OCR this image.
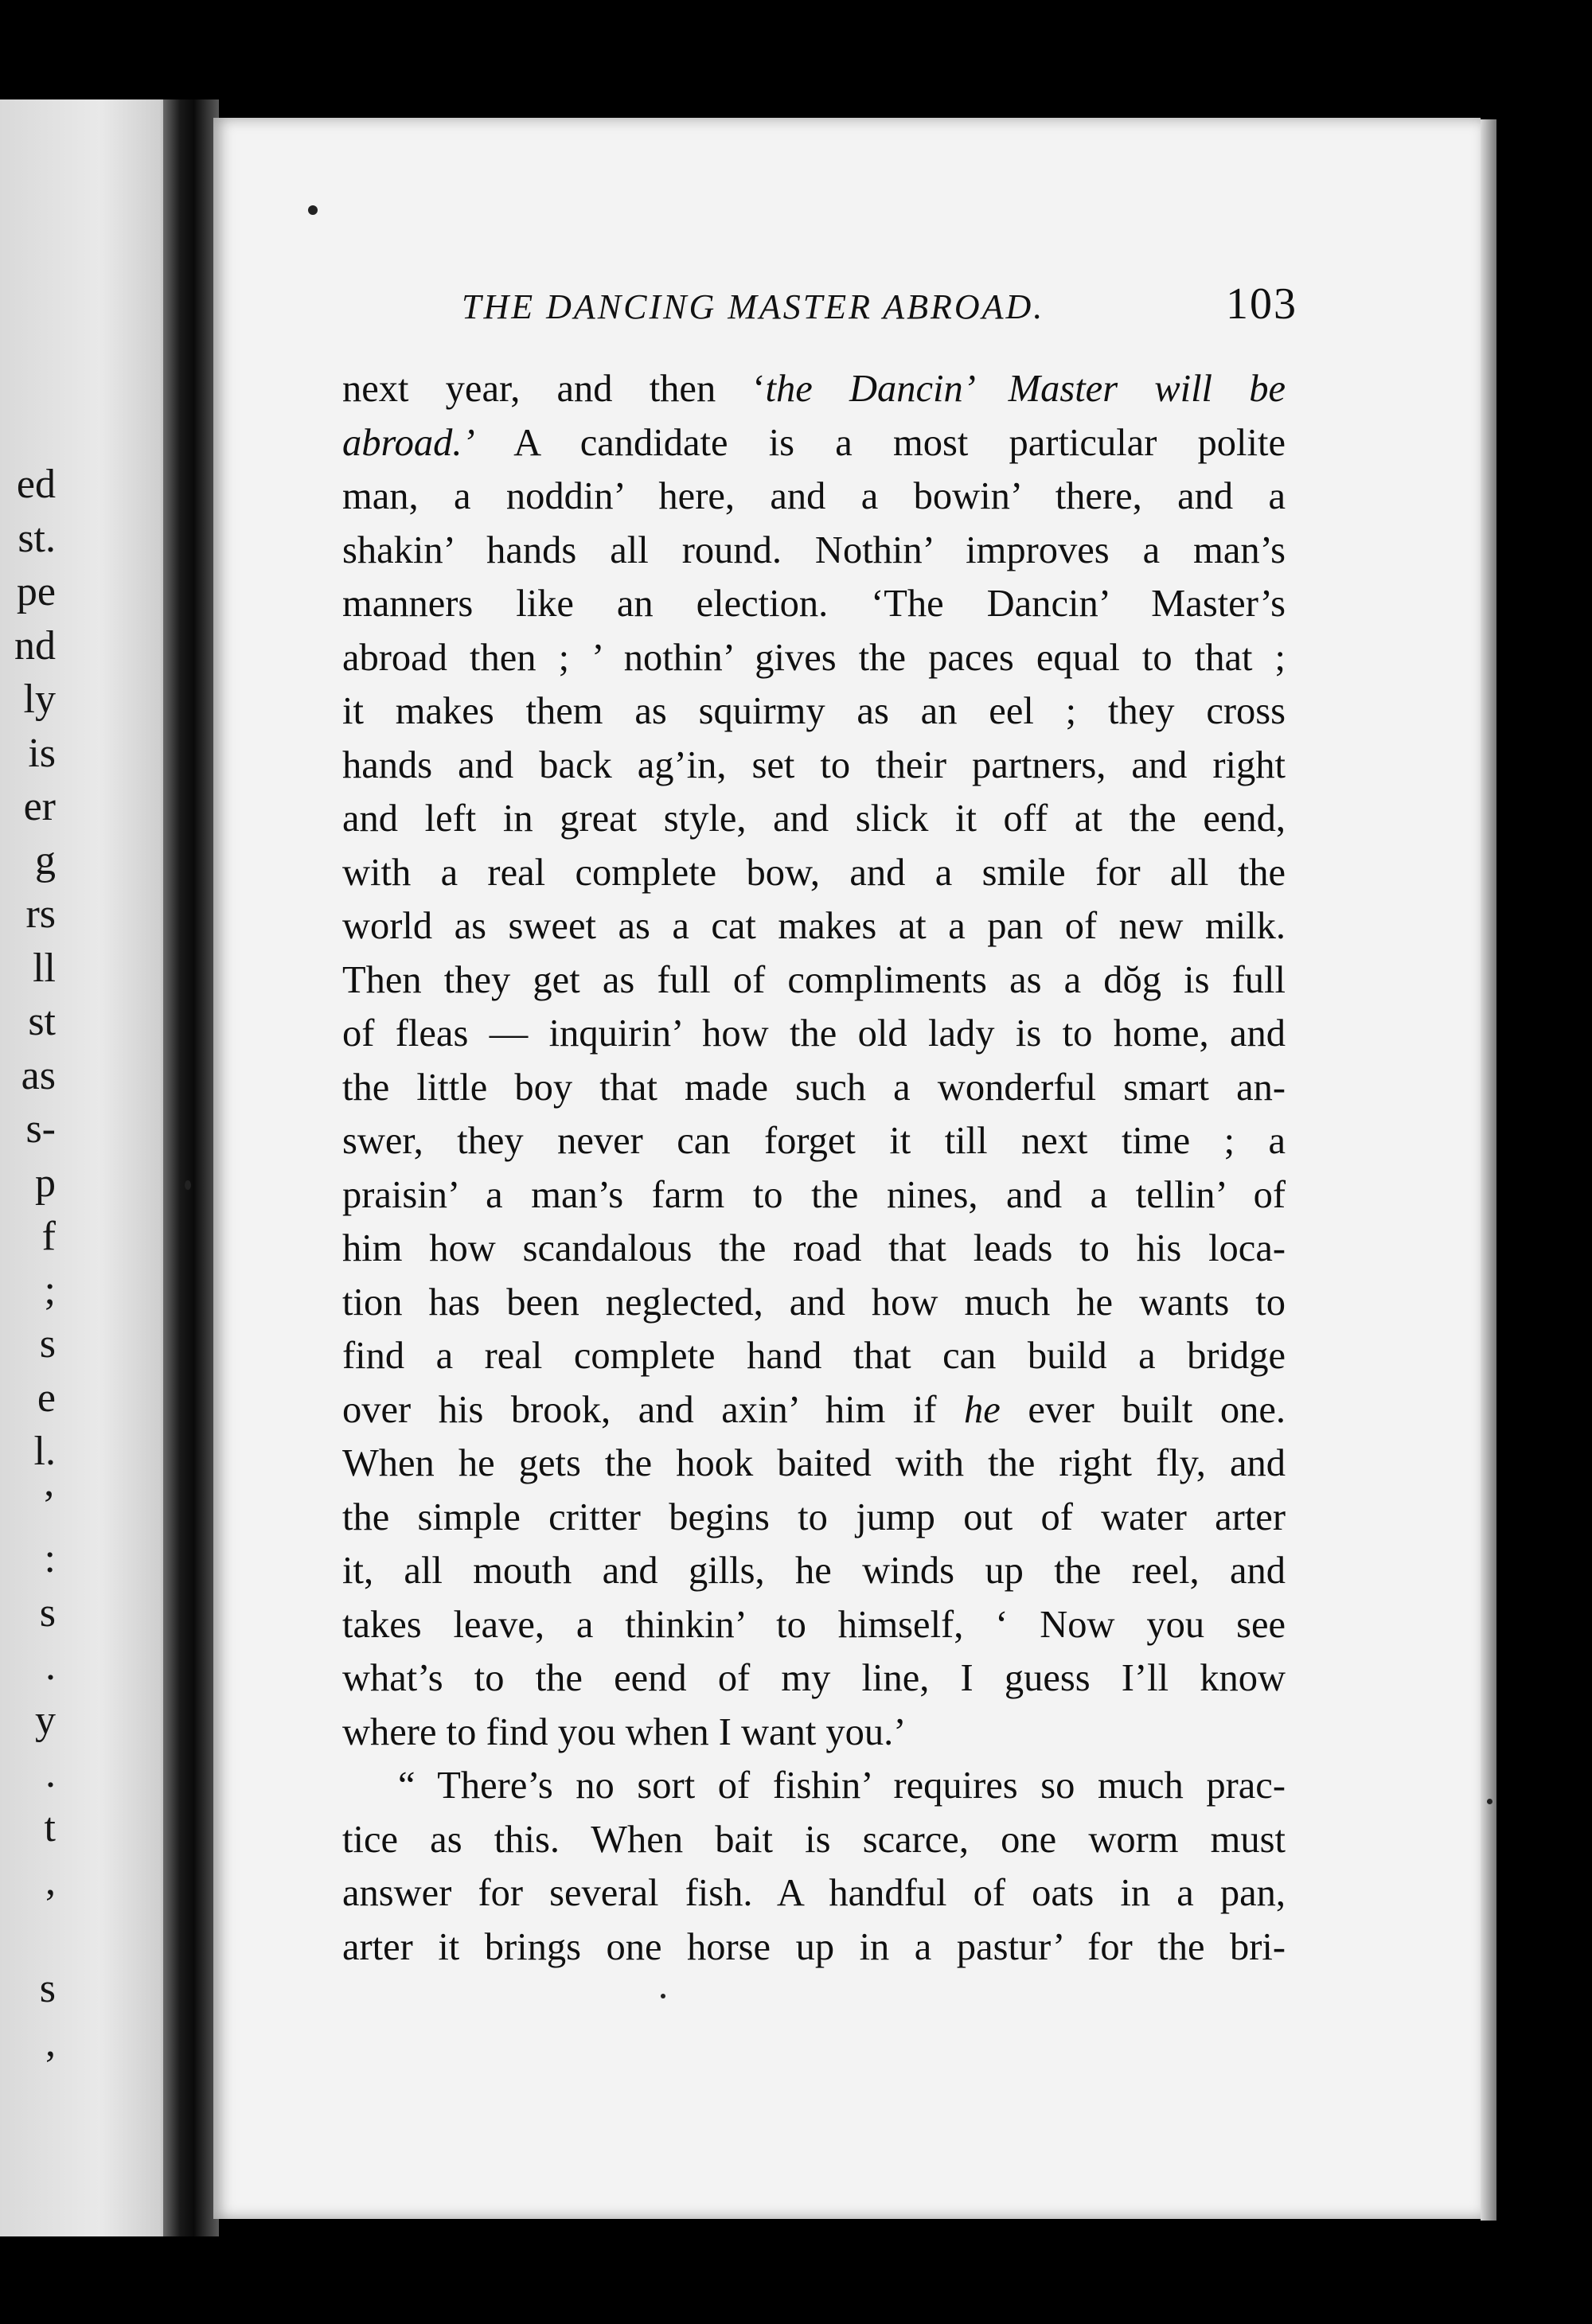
ed
st.
pe
nd
ly
is
er
g
rs
ll
st
as
s-
p
f
;
s
e
l.
’
:
s
.
y
.
t
,
s
,
THE DANCING MASTER ABROAD.	103
next year, and then ‘the Dancin’ Master will be
abroad.’ A candidate is a most particular polite
man, a noddin’ here, and a bowin’ there, and a
shakin’ hands all round. Nothin’ improves a man’s
manners like an election. ‘The Dancin’ Master’s
abroad then ; ’ nothin’ gives the paces equal to that ;
it makes them as squirmy as an eel ; they cross
hands and back ag’in, set to their partners, and right
and left in great style, and slick it off at the eend,
with a real complete bow, and a smile for all the
world as sweet as a cat makes at a pan of new milk.
Then they get as full of compliments as a dŏg is full
of fleas — inquirin’ how the old lady is to home, and
the little boy that made such a wonderful smart an-
swer, they never can forget it till next time ; a
praisin’ a man’s farm to the nines, and a tellin’ of
him how scandalous the road that leads to his loca-
tion has been neglected, and how much he wants to
find a real complete hand that can build a bridge
over his brook, and axin’ him if he ever built one.
When he gets the hook baited with the right fly, and
the simple critter begins to jump out of water arter
it, all mouth and gills, he winds up the reel, and
takes leave, a thinkin’ to himself, ‘ Now you see
what’s to the eend of my line, I guess I’ll know
where to find you when I want you.’
“ There’s no sort of fishin’ requires so much prac-
tice as this. When bait is scarce, one worm must
answer for several fish. A handful of oats in a pan,
arter it brings one horse up in a pastur’ for the bri-
